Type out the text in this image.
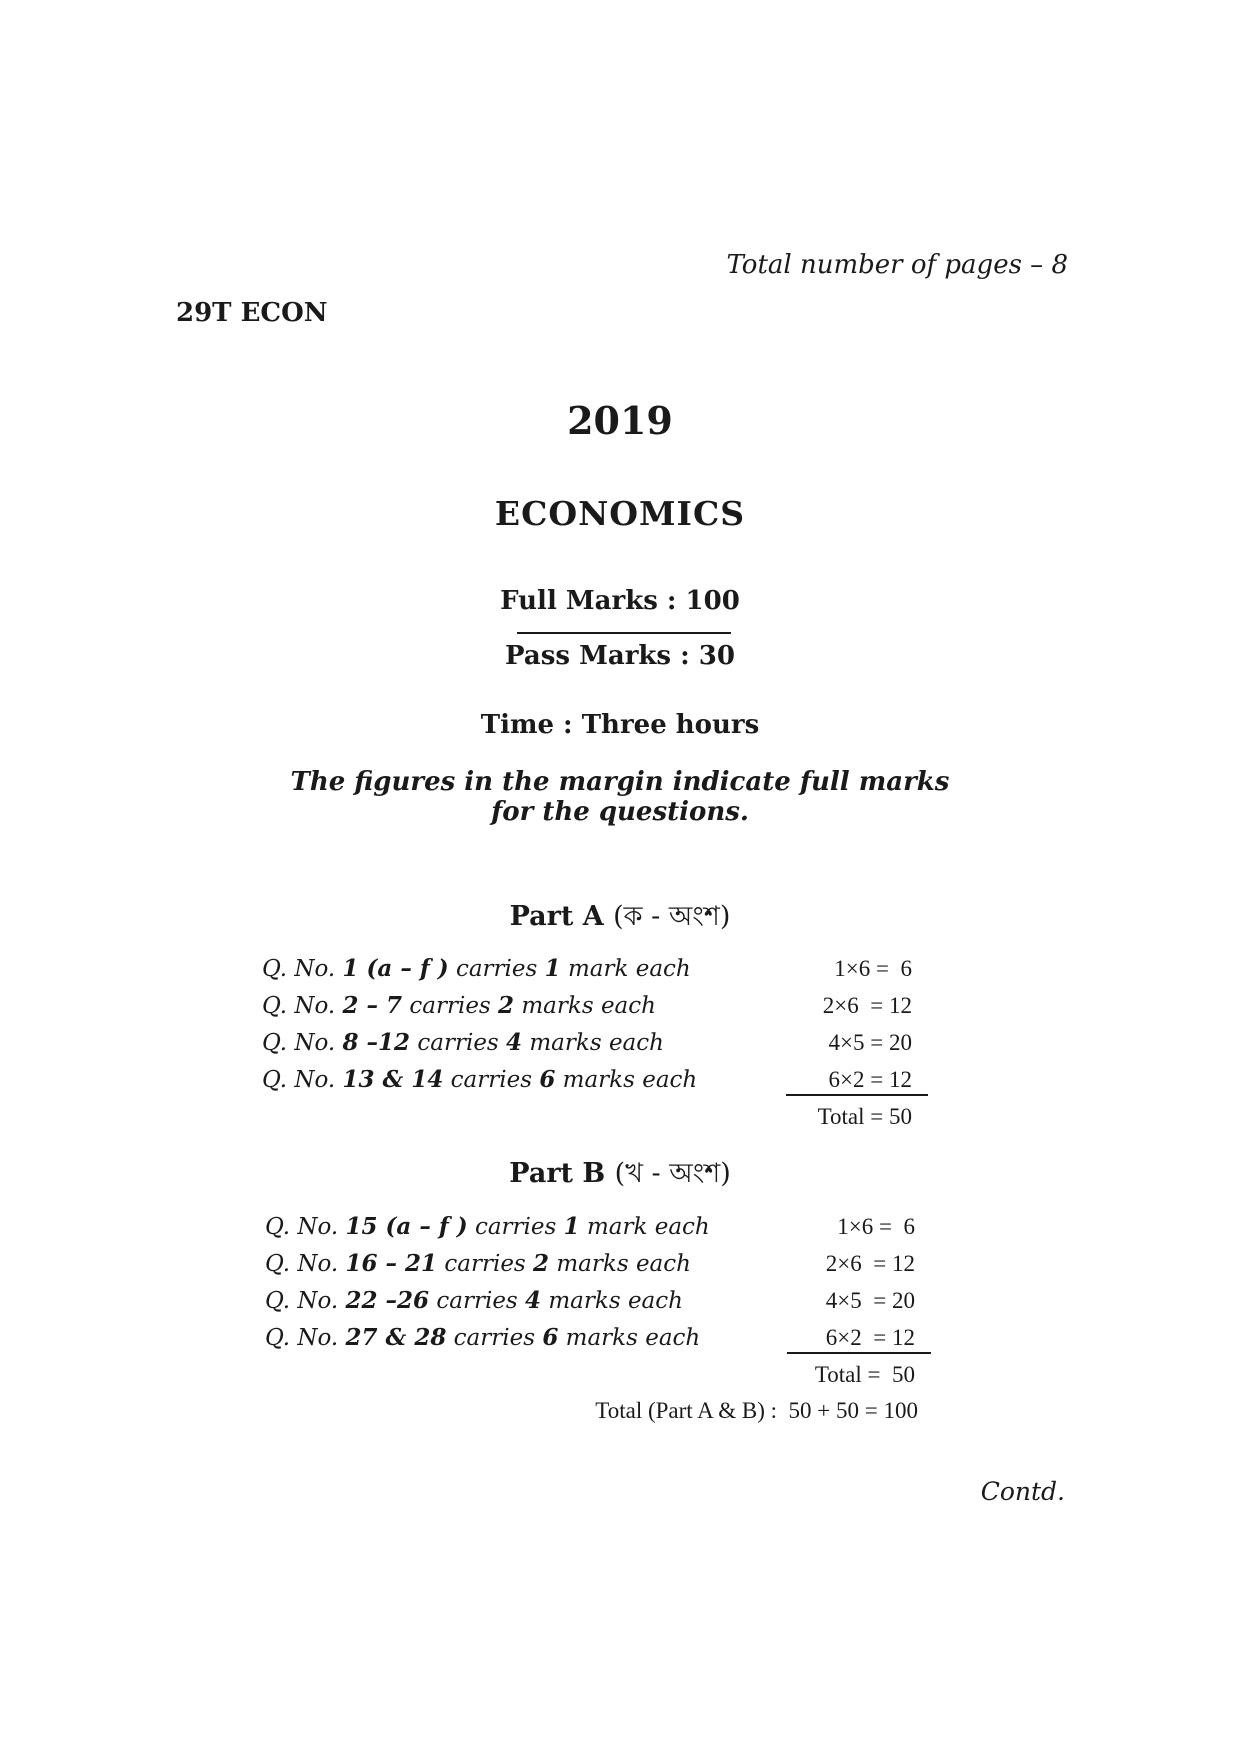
Total number of pages – 8
29T ECON
2019
ECONOMICS
Full Marks : 100
Pass Marks : 30
Time : Three hours
The figures in the margin indicate full marks
for the questions.
Part A (ক - অংশ)
Q. No. 1 (a – f ) carries 1 mark each	1×6 =  6
Q. No. 2 – 7 carries 2 marks each	2×6  = 12
Q. No. 8 –12 carries 4 marks each	4×5 = 20
Q. No. 13 & 14 carries 6 marks each	6×2 = 12
Total = 50
Part B (খ - অংশ)
Q. No. 15 (a – f ) carries 1 mark each	1×6 =  6
Q. No. 16 – 21 carries 2 marks each	2×6  = 12
Q. No. 22 –26 carries 4 marks each	4×5  = 20
Q. No. 27 & 28 carries 6 marks each	6×2  = 12
Total =  50
Total (Part A & B) : 50 + 50 = 100
Contd.
